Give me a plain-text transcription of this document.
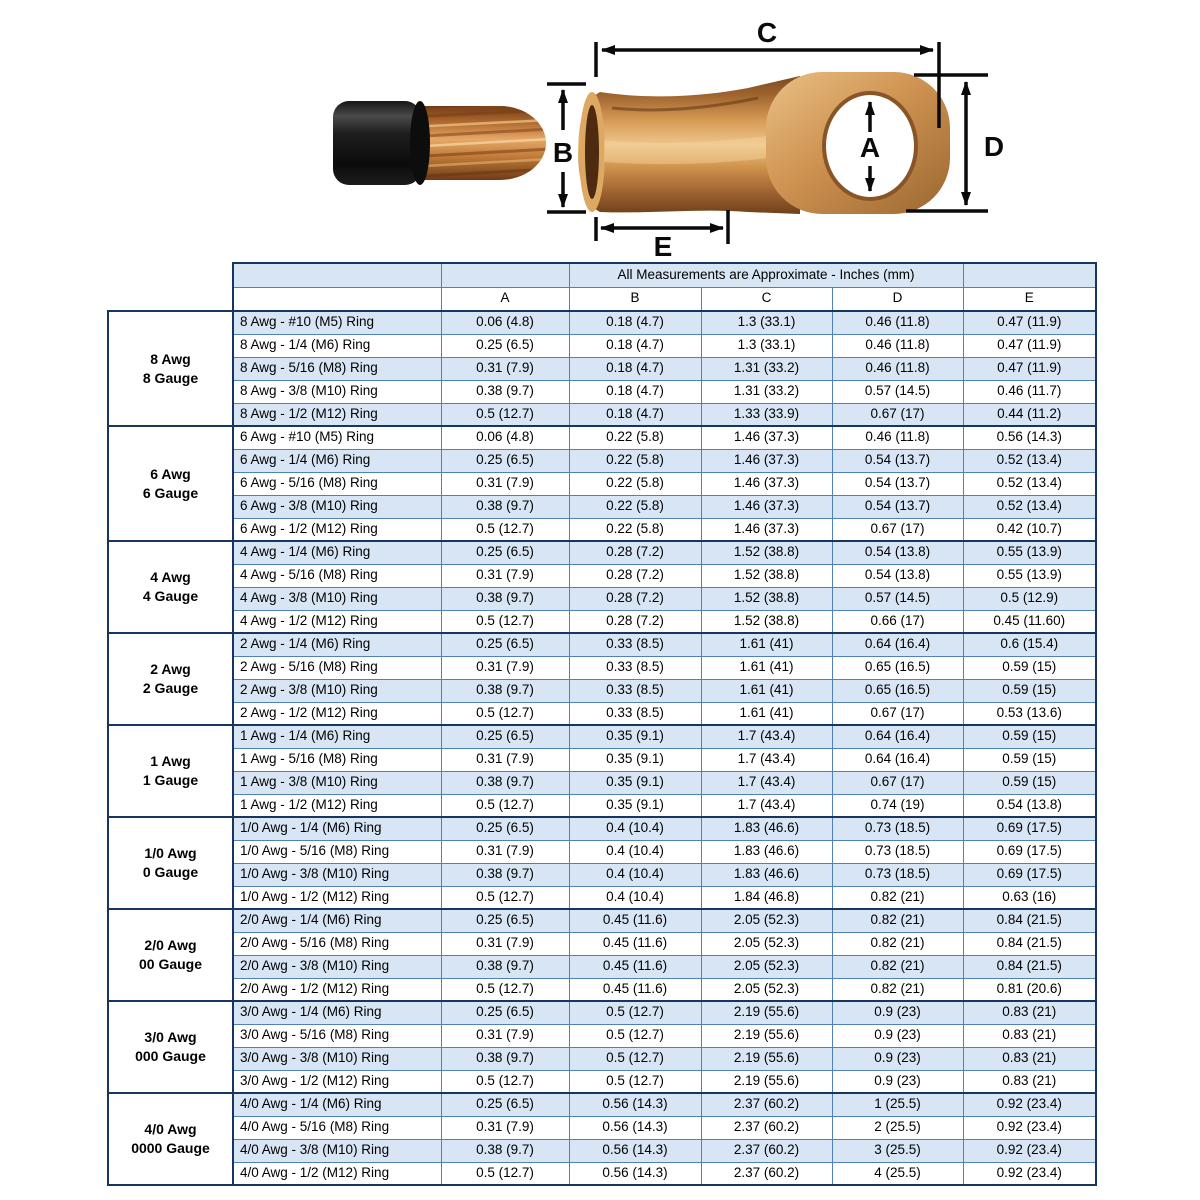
C
B	A	D
E
			All Measurements are Approximate - Inches (mm)			
		A	B	C	D	E

8 Awg
8 Gauge	8 Awg - #10 (M5) Ring	0.06 (4.8)	0.18 (4.7)	1.3 (33.1)	0.46 (11.8)	0.47 (11.9)
	8 Awg - 1/4 (M6) Ring	0.25 (6.5)	0.18 (4.7)	1.3 (33.1)	0.46 (11.8)	0.47 (11.9)
	8 Awg - 5/16 (M8) Ring	0.31 (7.9)	0.18 (4.7)	1.31 (33.2)	0.46 (11.8)	0.47 (11.9)
	8 Awg - 3/8 (M10) Ring	0.38 (9.7)	0.18 (4.7)	1.31 (33.2)	0.57 (14.5)	0.46 (11.7)
	8 Awg - 1/2 (M12) Ring	0.5 (12.7)	0.18 (4.7)	1.33 (33.9)	0.67 (17)	0.44 (11.2)

6 Awg
6 Gauge	6 Awg - #10 (M5) Ring	0.06 (4.8)	0.22 (5.8)	1.46 (37.3)	0.46 (11.8)	0.56 (14.3)
	6 Awg - 1/4 (M6) Ring	0.25 (6.5)	0.22 (5.8)	1.46 (37.3)	0.54 (13.7)	0.52 (13.4)
	6 Awg - 5/16 (M8) Ring	0.31 (7.9)	0.22 (5.8)	1.46 (37.3)	0.54 (13.7)	0.52 (13.4)
	6 Awg - 3/8 (M10) Ring	0.38 (9.7)	0.22 (5.8)	1.46 (37.3)	0.54 (13.7)	0.52 (13.4)
	6 Awg - 1/2 (M12) Ring	0.5 (12.7)	0.22 (5.8)	1.46 (37.3)	0.67 (17)	0.42 (10.7)

4 Awg
4 Gauge	4 Awg - 1/4 (M6) Ring	0.25 (6.5)	0.28 (7.2)	1.52 (38.8)	0.54 (13.8)	0.55 (13.9)
	4 Awg - 5/16 (M8) Ring	0.31 (7.9)	0.28 (7.2)	1.52 (38.8)	0.54 (13.8)	0.55 (13.9)
	4 Awg - 3/8 (M10) Ring	0.38 (9.7)	0.28 (7.2)	1.52 (38.8)	0.57 (14.5)	0.5 (12.9)
	4 Awg - 1/2 (M12) Ring	0.5 (12.7)	0.28 (7.2)	1.52 (38.8)	0.66 (17)	0.45 (11.60)

2 Awg
2 Gauge	2 Awg - 1/4 (M6) Ring	0.25 (6.5)	0.33 (8.5)	1.61 (41)	0.64 (16.4)	0.6 (15.4)
	2 Awg - 5/16 (M8) Ring	0.31 (7.9)	0.33 (8.5)	1.61 (41)	0.65 (16.5)	0.59 (15)
	2 Awg - 3/8 (M10) Ring	0.38 (9.7)	0.33 (8.5)	1.61 (41)	0.65 (16.5)	0.59 (15)
	2 Awg - 1/2 (M12) Ring	0.5 (12.7)	0.33 (8.5)	1.61 (41)	0.67 (17)	0.53 (13.6)

1 Awg
1 Gauge	1 Awg - 1/4 (M6) Ring	0.25 (6.5)	0.35 (9.1)	1.7 (43.4)	0.64 (16.4)	0.59 (15)
	1 Awg - 5/16 (M8) Ring	0.31 (7.9)	0.35 (9.1)	1.7 (43.4)	0.64 (16.4)	0.59 (15)
	1 Awg - 3/8 (M10) Ring	0.38 (9.7)	0.35 (9.1)	1.7 (43.4)	0.67 (17)	0.59 (15)
	1 Awg - 1/2 (M12) Ring	0.5 (12.7)	0.35 (9.1)	1.7 (43.4)	0.74 (19)	0.54 (13.8)

1/0 Awg
0 Gauge	1/0 Awg - 1/4 (M6) Ring	0.25 (6.5)	0.4 (10.4)	1.83 (46.6)	0.73 (18.5)	0.69 (17.5)
	1/0 Awg - 5/16 (M8) Ring	0.31 (7.9)	0.4 (10.4)	1.83 (46.6)	0.73 (18.5)	0.69 (17.5)
	1/0 Awg - 3/8 (M10) Ring	0.38 (9.7)	0.4 (10.4)	1.83 (46.6)	0.73 (18.5)	0.69 (17.5)
	1/0 Awg - 1/2 (M12) Ring	0.5 (12.7)	0.4 (10.4)	1.84 (46.8)	0.82 (21)	0.63 (16)

2/0 Awg
00 Gauge	2/0 Awg - 1/4 (M6) Ring	0.25 (6.5)	0.45 (11.6)	2.05 (52.3)	0.82 (21)	0.84 (21.5)
	2/0 Awg - 5/16 (M8) Ring	0.31 (7.9)	0.45 (11.6)	2.05 (52.3)	0.82 (21)	0.84 (21.5)
	2/0 Awg - 3/8 (M10) Ring	0.38 (9.7)	0.45 (11.6)	2.05 (52.3)	0.82 (21)	0.84 (21.5)
	2/0 Awg - 1/2 (M12) Ring	0.5 (12.7)	0.45 (11.6)	2.05 (52.3)	0.82 (21)	0.81 (20.6)

3/0 Awg
000 Gauge	3/0 Awg - 1/4 (M6) Ring	0.25 (6.5)	0.5 (12.7)	2.19 (55.6)	0.9 (23)	0.83 (21)
	3/0 Awg - 5/16 (M8) Ring	0.31 (7.9)	0.5 (12.7)	2.19 (55.6)	0.9 (23)	0.83 (21)
	3/0 Awg - 3/8 (M10) Ring	0.38 (9.7)	0.5 (12.7)	2.19 (55.6)	0.9 (23)	0.83 (21)
	3/0 Awg - 1/2 (M12) Ring	0.5 (12.7)	0.5 (12.7)	2.19 (55.6)	0.9 (23)	0.83 (21)

4/0 Awg
0000 Gauge	4/0 Awg - 1/4 (M6) Ring	0.25 (6.5)	0.56 (14.3)	2.37 (60.2)	1 (25.5)	0.92 (23.4)
	4/0 Awg - 5/16 (M8) Ring	0.31 (7.9)	0.56 (14.3)	2.37 (60.2)	2 (25.5)	0.92 (23.4)
	4/0 Awg - 3/8 (M10) Ring	0.38 (9.7)	0.56 (14.3)	2.37 (60.2)	3 (25.5)	0.92 (23.4)
	4/0 Awg - 1/2 (M12) Ring	0.5 (12.7)	0.56 (14.3)	2.37 (60.2)	4 (25.5)	0.92 (23.4)
